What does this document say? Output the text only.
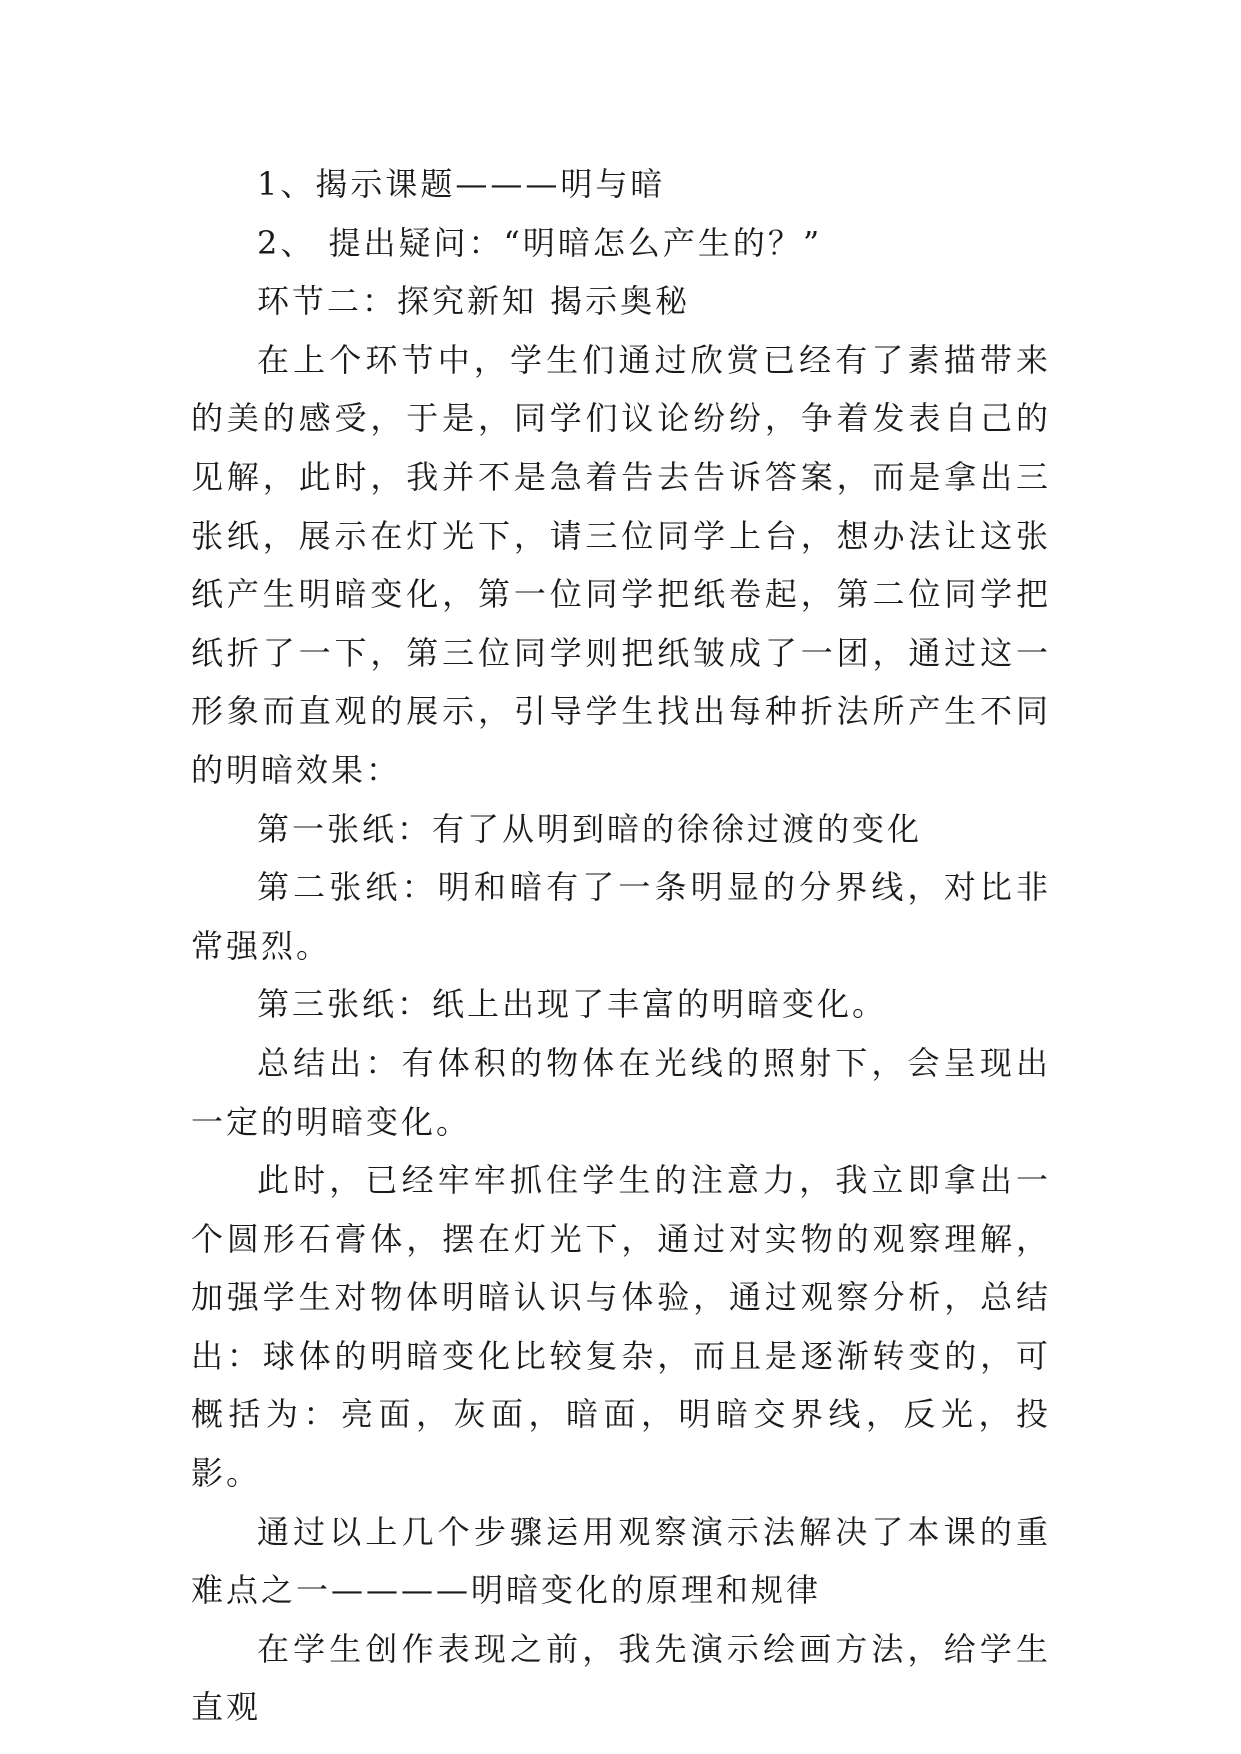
1、揭示课题———明与暗

2、 提出疑问：“明暗怎么产生的？”

环节二：探究新知 揭示奥秘

在上个环节中，学生们通过欣赏已经有了素描带来的美的感受，于是，同学们议论纷纷，争着发表自己的见解，此时，我并不是急着告去告诉答案，而是拿出三张纸，展示在灯光下，请三位同学上台，想办法让这张纸产生明暗变化，第一位同学把纸卷起，第二位同学把纸折了一下，第三位同学则把纸皱成了一团，通过这一形象而直观的展示，引导学生找出每种折法所产生不同的明暗效果：

第一张纸：有了从明到暗的徐徐过渡的变化

第二张纸：明和暗有了一条明显的分界线，对比非常强烈。

第三张纸：纸上出现了丰富的明暗变化。

总结出：有体积的物体在光线的照射下，会呈现出一定的明暗变化。

此时，已经牢牢抓住学生的注意力，我立即拿出一个圆形石膏体，摆在灯光下，通过对实物的观察理解，加强学生对物体明暗认识与体验，通过观察分析，总结出：球体的明暗变化比较复杂，而且是逐渐转变的，可概括为：亮面，灰面，暗面，明暗交界线，反光，投影。

通过以上几个步骤运用观察演示法解决了本课的重难点之一————明暗变化的原理和规律

在学生创作表现之前，我先演示绘画方法，给学生直观
